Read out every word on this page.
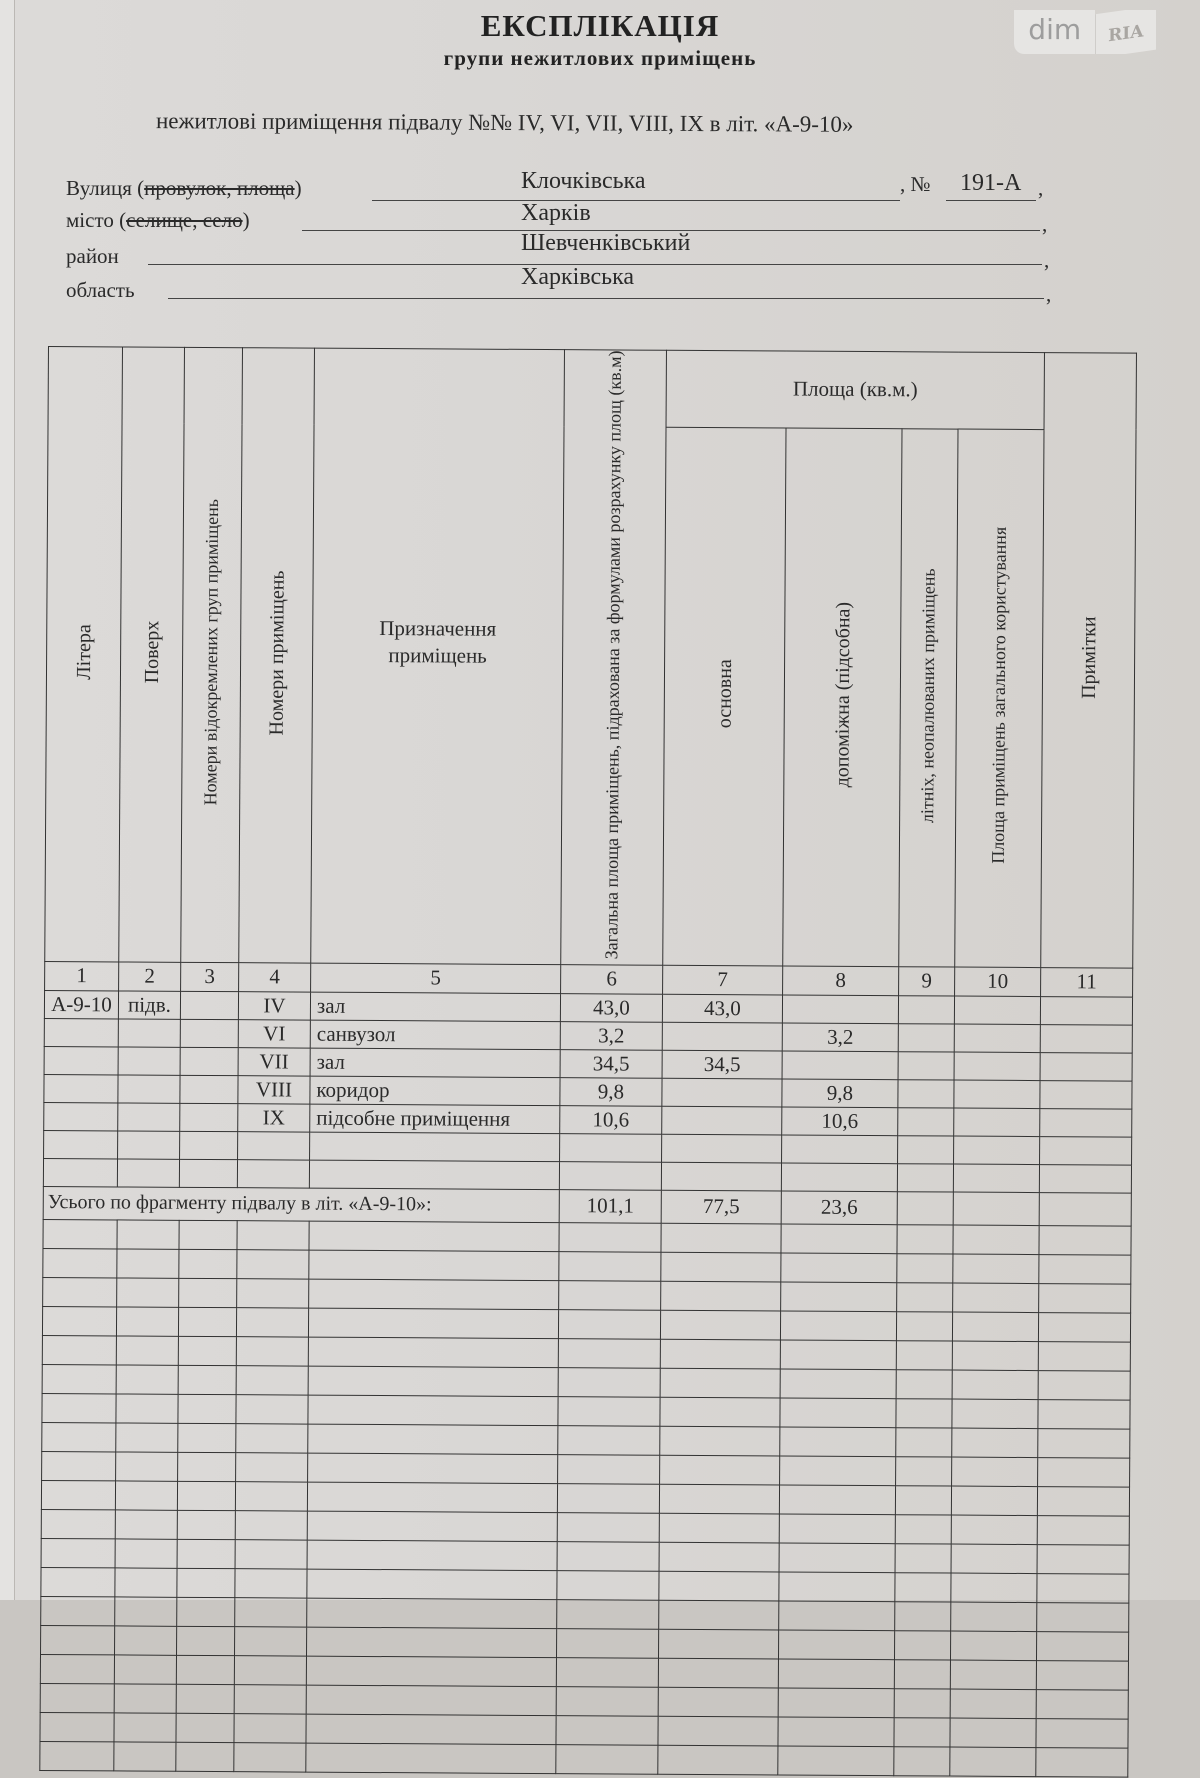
dim	RIA
ЕКСПЛІКАЦІЯ
групи нежитлових приміщень
нежитлові приміщення підвалу №№ IV, VI, VII, VIII, IX в літ. «А-9-10»
Вулиця (провулок, площа)	Клочківська	, № 191-А ,
місто (селище, село)	Харків	,
район	Шевченківський
,
область	Харківська
,
Літера	Поверх	Номери відокремлених груп приміщень	Номери приміщень	Призначення приміщень	Загальна площа приміщень, підрахована за формулами розрахунку площ (кв.м)	Площа (кв.м.)				Примітки
						основна	допоміжна (підсобна)	літніх, неопалюваних приміщень	Площа приміщень загального користування	
1	2	3	4	5	6	7	8	9	10	11
А-9-10	підв.		IV	зал	43,0	43,0				
			VI	санвузол	3,2		3,2			
			VII	зал	34,5	34,5				
			VIII	коридор	9,8		9,8			
			IX	підсобне приміщення	10,6		10,6			

Усього по фрагменту підвалу в літ. «А-9-10»:					101,1	77,5	23,6			
